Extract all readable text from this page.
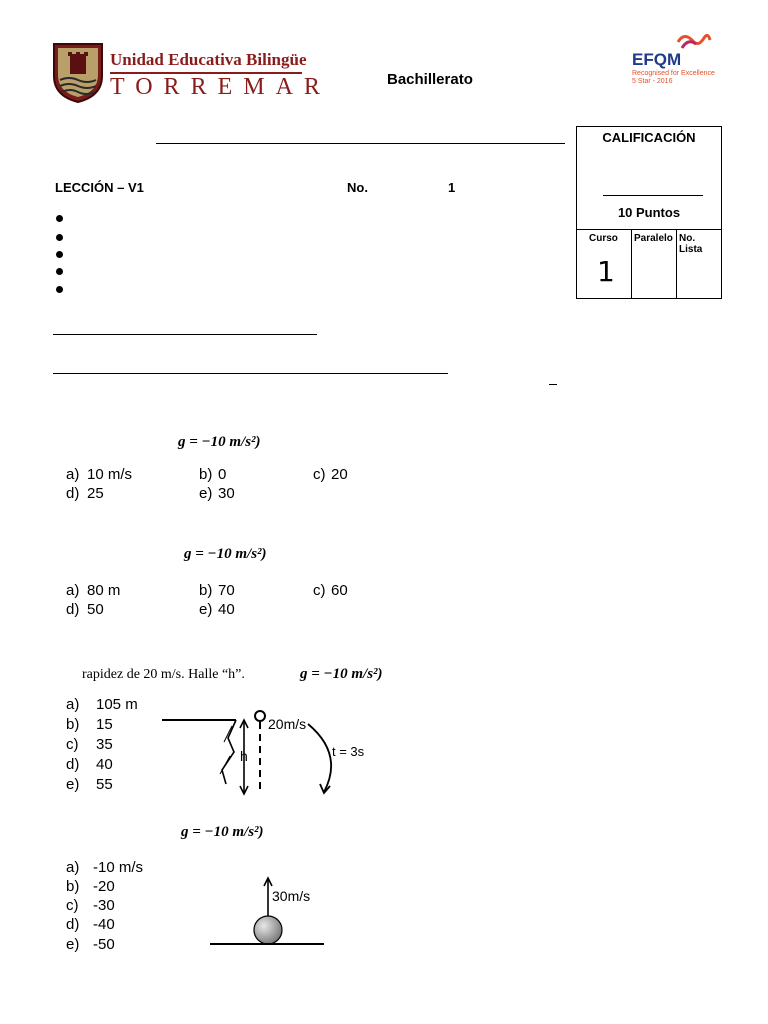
Unidad Educativa Bilingüe
TORREMAR	Bachillerato
EFQM
Recognised for Excellence
5 Star - 2016
LECCIÓN – V1	No.	1
CALIFICACIÓN
10 Puntos
Curso Paralelo No. Lista
1
g = −10 m/s²)
a) 10 m/s	b) 0	c) 20
d) 25	e) 30
g = −10 m/s²)
a) 80 m	b) 70	c) 60
d) 50	e) 40
rapidez de 20 m/s. Halle “h”.	g = −10 m/s²)
a) 105 m
b) 15
c) 35
d) 40
e) 55
20m/s
h	t = 3s
g = −10 m/s²)
a) -10 m/s
b) -20
c) -30
d) -40
e) -50
30m/s
